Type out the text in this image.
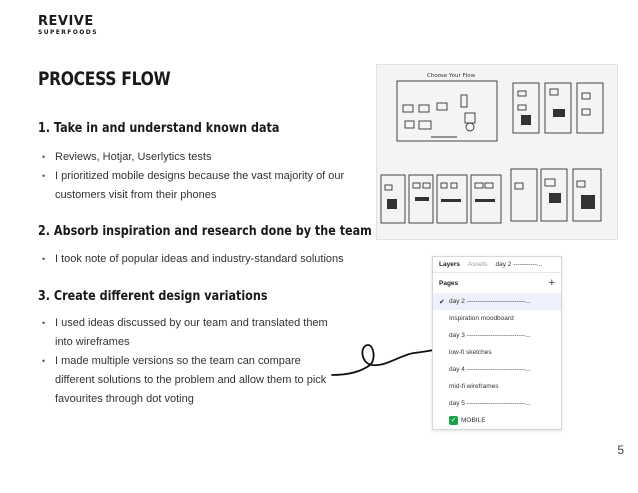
REVIVE
SUPERFOODS
PROCESS FLOW
1. Take in and understand known data
• Reviews, Hotjar, Userlytics tests
• I prioritized mobile designs because the vast majority of our customers visit from their phones
2. Absorb inspiration and research done by the team
• I took note of popular ideas and industry-standard solutions
3. Create different design variations
• I used ideas discussed by our team and translated them into wireframes
• I made multiple versions so the team can compare different solutions to the problem and allow them to pick favourites through dot voting
Choose Your Flow
Layers Assets day 2 -----------...
Pages	+
✔ day 2 ---------------------------...
Inspiration moodboard
day 3 ---------------------------...
low-fi sketches
day 4 ---------------------------...
mid-fi wireframes
day 5 ---------------------------...
✓ MOBILE
5
